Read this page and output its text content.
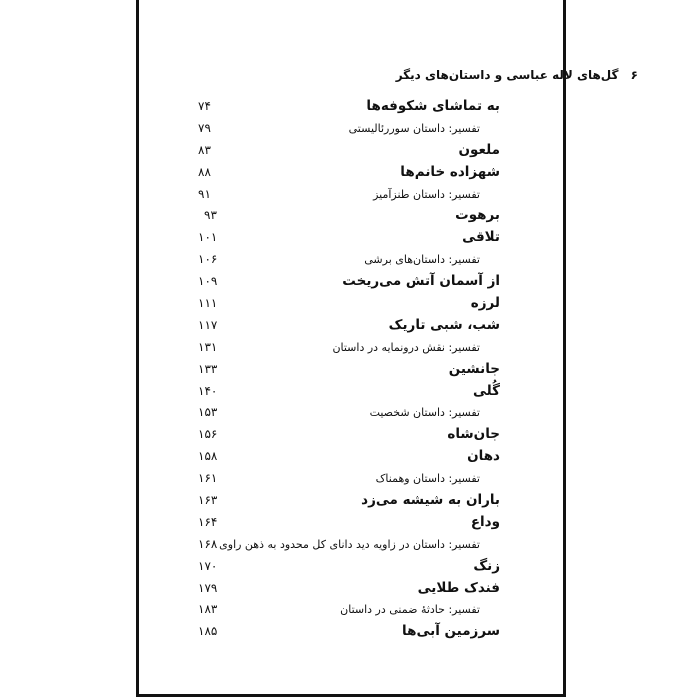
۶ گل‌های لاله عباسی و داستان‌های دیگر
به تماشای شکوفه‌ها
۷۴
تفسیر: داستان سوررئالیستی
۷۹
ملعون
۸۳
شهزاده خانم‌ها
۸۸
تفسیر: داستان طنزآمیز
۹۱
برهوت
۹۳
تلاقی
۱۰۱
تفسیر: داستان‌های برشی
۱۰۶
از آسمان آتش می‌ریخت
۱۰۹
لرزه
۱۱۱
شب، شبی تاریک
۱۱۷
تفسیر: نقش درونمایه در داستان
۱۳۱
جانشین
۱۳۳
گُلی
۱۴۰
تفسیر: داستان شخصیت
۱۵۳
جان‌شاه
۱۵۶
دهان
۱۵۸
تفسیر: داستان وهمناک
۱۶۱
باران به شیشه می‌زد
۱۶۳
وداع
۱۶۴
تفسیر: داستان در زاویه دید دانای کل محدود به ذهن راوی
۱۶۸
زنگ
۱۷۰
فندک طلایی
۱۷۹
تفسیر: حادثهٔ ضمنی در داستان
۱۸۳
سرزمین آبی‌ها
۱۸۵
